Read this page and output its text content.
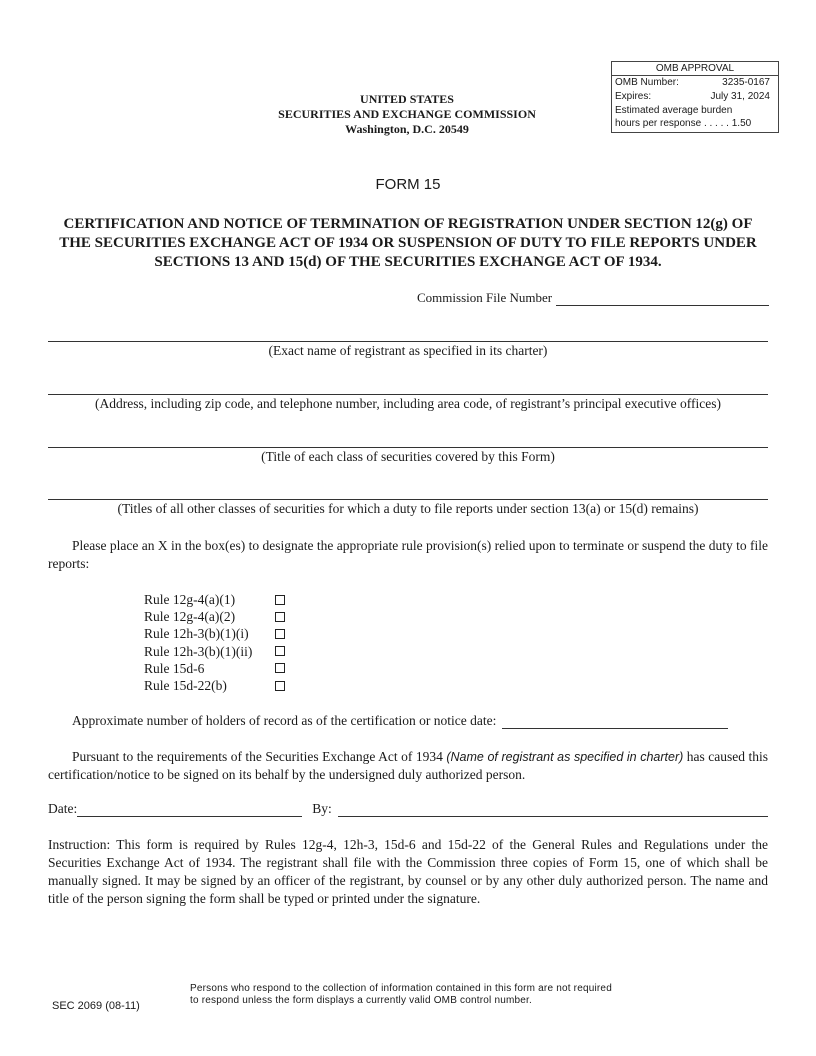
OMB APPROVAL
OMB Number:	3235-0167
Expires:	July 31, 2024
Estimated average burden
hours per response . . . . . 1.50
UNITED STATES
SECURITIES AND EXCHANGE COMMISSION
Washington, D.C. 20549
FORM 15
CERTIFICATION AND NOTICE OF TERMINATION OF REGISTRATION UNDER SECTION 12(g) OF THE SECURITIES EXCHANGE ACT OF 1934 OR SUSPENSION OF DUTY TO FILE REPORTS UNDER SECTIONS 13 AND 15(d) OF THE SECURITIES EXCHANGE ACT OF 1934.
Commission File Number
(Exact name of registrant as specified in its charter)
(Address, including zip code, and telephone number, including area code, of registrant’s principal executive offices)
(Title of each class of securities covered by this Form)
(Titles of all other classes of securities for which a duty to file reports under section 13(a) or 15(d) remains)
Please place an X in the box(es) to designate the appropriate rule provision(s) relied upon to terminate or suspend the duty to file reports:
Rule 12g-4(a)(1)
Rule 12g-4(a)(2)
Rule 12h-3(b)(1)(i)
Rule 12h-3(b)(1)(ii)
Rule 15d-6
Rule 15d-22(b)
Approximate number of holders of record as of the certification or notice date:
Pursuant to the requirements of the Securities Exchange Act of 1934 (Name of registrant as specified in charter) has caused this certification/notice to be signed on its behalf by the undersigned duly authorized person.
Date:	By:
Instruction: This form is required by Rules 12g-4, 12h-3, 15d-6 and 15d-22 of the General Rules and Regulations under the Securities Exchange Act of 1934. The registrant shall file with the Commission three copies of Form 15, one of which shall be manually signed. It may be signed by an officer of the registrant, by counsel or by any other duly authorized person. The name and title of the person signing the form shall be typed or printed under the signature.
SEC 2069 (08-11)
Persons who respond to the collection of information contained in this form are not required to respond unless the form displays a currently valid OMB control number.
